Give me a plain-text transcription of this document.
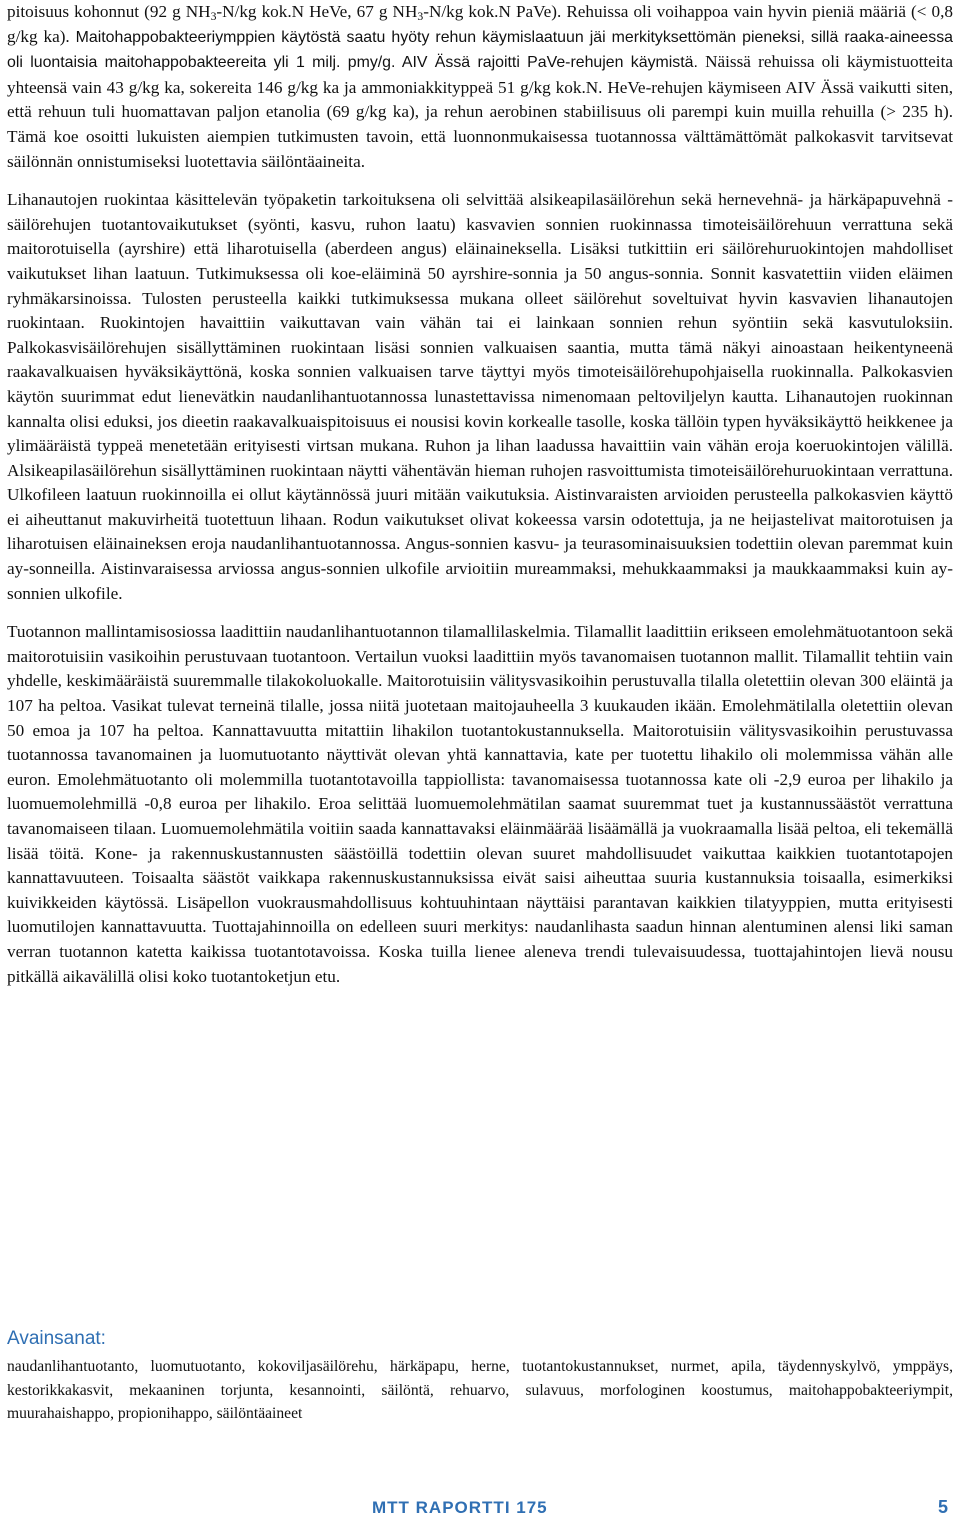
pitoisuus kohonnut (92 g $NH_3-N/kg$ kok.N HeVe, 67 g $NH_3-N/kg$ kok.N PaVe). Rehuissa oli voihappoa vain hyvin pieniä määriä (< 0,8 g/kg ka). Maitohappobakteeriymppien käytöstä saatu hyöty rehun käymislaatuun jäi merkityksettömän pieneksi, sillä raaka-aineessa oli luontaisia maitohappobakteereita yli 1 milj. pmy/g. AIV Ässä rajoitti PaVe-rehujen käymistä. Näissä rehuissa oli käymistuotteita yhteensä vain 43 g/kg ka, sokereita 146 g/kg ka ja ammoniakkityppeä 51 g/kg kok.N. HeVe-rehujen käymiseen AIV Ässä vaikutti siten, että rehuun tuli huomattavan paljon etanolia (69 g/kg ka), ja rehun aerobinen stabiilisuus oli parempi kuin muilla rehuilla (> 235 h). Tämä koe osoitti lukuisten aiempien tutkimusten tavoin, että luonnonmukaisessa tuotannossa välttämättömät palkokasvit tarvitsevat säilönnän onnistumiseksi luotettavia säilöntäaineita.

Lihanautojen ruokintaa käsittelevän työpaketin tarkoituksena oli selvittää alsikeapilasäilörehun sekä hernevehnä- ja härkäpapuvehnä -säilörehujen tuotantovaikutukset (syönti, kasvu, ruhon laatu) kasvavien sonnien ruokinnassa timoteisäilörehuun verrattuna sekä maitorotuisella (ayrshire) että liharotuisella (aberdeen angus) eläinaineksella. Lisäksi tutkittiin eri säilörehuruokintojen mahdolliset vaikutukset lihan laatuun. Tutkimuksessa oli koe-eläiminä 50 ayrshire-sonnia ja 50 angus-sonnia. Sonnit kasvatettiin viiden eläimen ryhmäkarsinoissa. Tulosten perusteella kaikki tutkimuksessa mukana olleet säilörehut soveltuivat hyvin kasvavien lihanautojen ruokintaan. Ruokintojen havaittiin vaikuttavan vain vähän tai ei lainkaan sonnien rehun syöntiin sekä kasvutuloksiin. Palkokasvisäilörehujen sisällyttäminen ruokintaan lisäsi sonnien valkuaisen saantia, mutta tämä näkyi ainoastaan heikentyneenä raakavalkuaisen hyväksikäyttönä, koska sonnien valkuaisen tarve täyttyi myös timoteisäilörehupohjaisella ruokinnalla. Palkokasvien käytön suurimmat edut lienevätkin naudanlihantuotannossa lunastettavissa nimenomaan peltoviljelyn kautta. Lihanautojen ruokinnan kannalta olisi eduksi, jos dieetin raakavalkuaispitoisuus ei nousisi kovin korkealle tasolle, koska tällöin typen hyväksikäyttö heikkenee ja ylimääräistä typpeä menetetään erityisesti virtsan mukana. Ruhon ja lihan laadussa havaittiin vain vähän eroja koeruokintojen välillä. Alsikeapilasäilörehun sisällyttäminen ruokintaan näytti vähentävän hieman ruhojen rasvoittumista timoteisäilörehuruokintaan verrattuna. Ulkofileen laatuun ruokinnoilla ei ollut käytännössä juuri mitään vaikutuksia. Aistinvaraisten arvioiden perusteella palkokasvien käyttö ei aiheuttanut makuvirheitä tuotettuun lihaan. Rodun vaikutukset olivat kokeessa varsin odotettuja, ja ne heijastelivat maitorotuisen ja liharotuisen eläinaineksen eroja naudanlihantuotannossa. Angus-sonnien kasvu- ja teurasominaisuuksien todettiin olevan paremmat kuin ay-sonneilla. Aistinvaraisessa arviossa angus-sonnien ulkofile arvioitiin mureammaksi, mehukkaammaksi ja maukkaammaksi kuin ay-sonnien ulkofile.

Tuotannon mallintamisosiossa laadittiin naudanlihantuotannon tilamallilaskelmia. Tilamallit laadittiin erikseen emolehmätuotantoon sekä maitorotuisiin vasikoihin perustuvaan tuotantoon. Vertailun vuoksi laadittiin myös tavanomaisen tuotannon mallit. Tilamallit tehtiin vain yhdelle, keskimääräistä suuremmalle tilakokoluokalle. Maitorotuisiin välitysvasikoihin perustuvalla tilalla oletettiin olevan 300 eläintä ja 107 ha peltoa. Vasikat tulevat terneinä tilalle, jossa niitä juotetaan maitojauheella 3 kuukauden ikään. Emolehmätilalla oletettiin olevan 50 emoa ja 107 ha peltoa. Kannattavuutta mitattiin lihakilon tuotantokustannuksella. Maitorotuisiin välitysvasikoihin perustuvassa tuotannossa tavanomainen ja luomutuotanto näyttivät olevan yhtä kannattavia, kate per tuotettu lihakilo oli molemmissa vähän alle euron. Emolehmätuotanto oli molemmilla tuotantotavoilla tappiollista: tavanomaisessa tuotannossa kate oli -2,9 euroa per lihakilo ja luomuemolehmillä -0,8 euroa per lihakilo. Eroa selittää luomuemolehmätilan saamat suuremmat tuet ja kustannussäästöt verrattuna tavanomaiseen tilaan. Luomuemolehmätila voitiin saada kannattavaksi eläinmäärää lisäämällä ja vuokraamalla lisää peltoa, eli tekemällä lisää töitä. Kone- ja rakennuskustannusten säästöillä todettiin olevan suuret mahdollisuudet vaikuttaa kaikkien tuotantotapojen kannattavuuteen. Toisaalta säästöt vaikkapa rakennuskustannuksissa eivät saisi aiheuttaa suuria kustannuksia toisaalla, esimerkiksi kuivikkeiden käytössä. Lisäpellon vuokrausmahdollisuus kohtuuhintaan näyttäisi parantavan kaikkien tilatyyppien, mutta erityisesti luomutilojen kannattavuutta. Tuottajahinnoilla on edelleen suuri merkitys: naudanlihasta saadun hinnan alentuminen alensi liki saman verran tuotannon katetta kaikissa tuotantotavoissa. Koska tuilla lienee aleneva trendi tulevaisuudessa, tuottajahintojen lievä nousu pitkällä aikavälillä olisi koko tuotantoketjun etu.

Avainsanat:

naudanlihantuotanto, luomutuotanto, kokoviljasäilörehu, härkäpapu, herne, tuotantokustannukset, nurmet, apila, täydennyskylvö, ymppäys, kestorikkakasvit, mekaaninen torjunta, kesannointi, säilöntä, rehuarvo, sulavuus, morfologinen koostumus, maitohappobakteeriympit, muurahaishappo, propionihappo, säilöntäaineet

MTT RAPORTTI 175	5
